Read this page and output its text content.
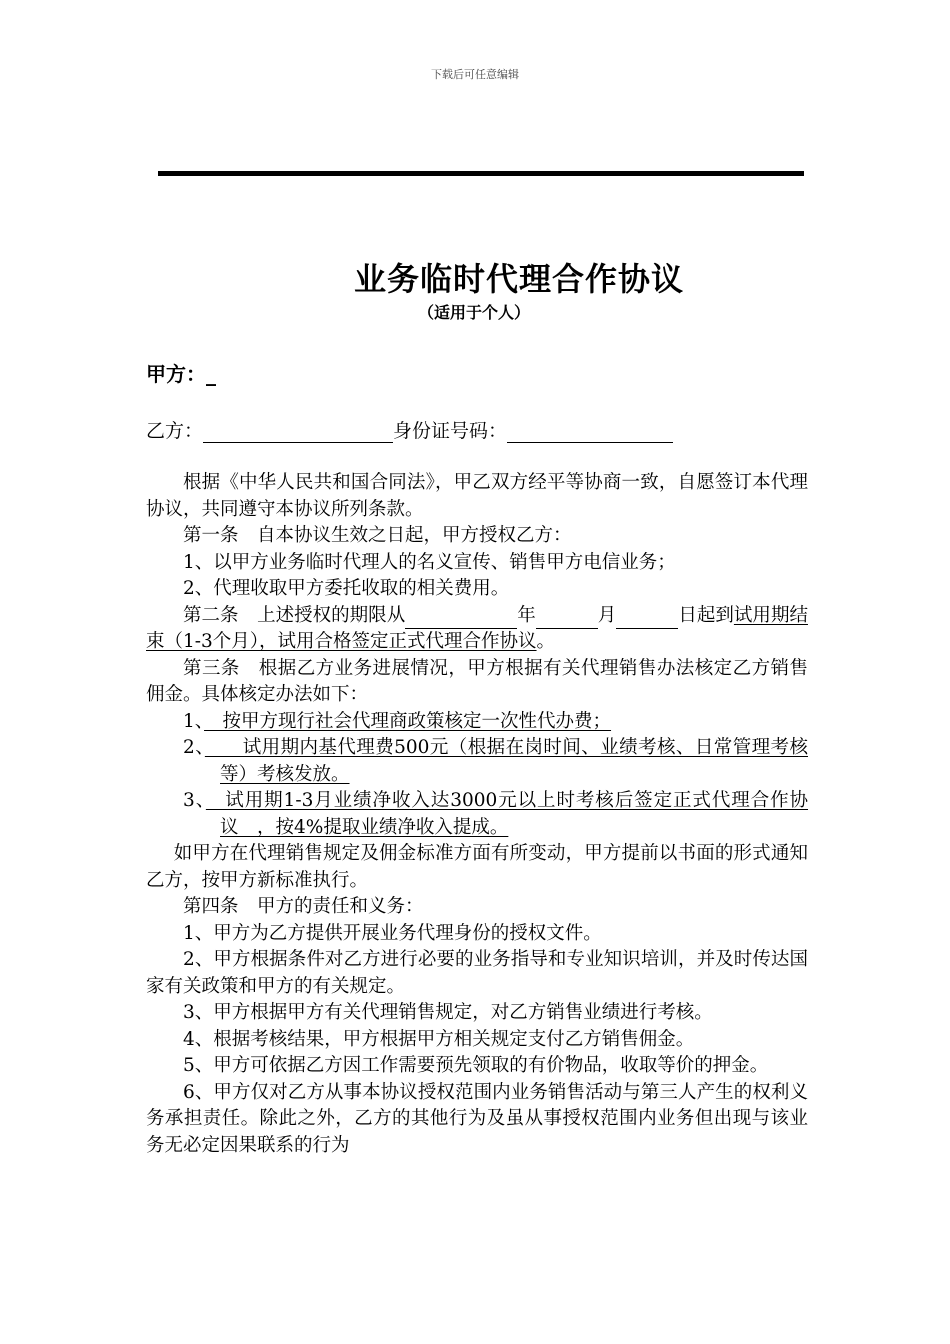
下载后可任意编辑
业务临时代理合作协议
（适用于个人）
甲方：_
乙方：	身份证号码：

根据《中华人民共和国合同法》，甲乙双方经平等协商一致，自愿签订本代理协议，共同遵守本协议所列条款。

第一条　自本协议生效之日起，甲方授权乙方：

1、以甲方业务临时代理人的名义宣传、销售甲方电信业务；

2、代理收取甲方委托收取的相关费用。

第二条　上述授权的期限从	年	月	日起到试用期结束（1-3个月），试用合格签定正式代理合作协议。

第三条　根据乙方业务进展情况，甲方根据有关代理销售办法核定乙方销售佣金。具体核定办法如下：

1、　按甲方现行社会代理商政策核定一次性代办费；

2、　　试用期内基代理费500元（根据在岗时间、业绩考核、日常管理考核等）考核发放。

3、　试用期1-3月业绩净收入达3000元以上时考核后签定正式代理合作协议　，按4%提取业绩净收入提成。

如甲方在代理销售规定及佣金标准方面有所变动，甲方提前以书面的形式通知乙方，按甲方新标准执行。

第四条　甲方的责任和义务：

1、甲方为乙方提供开展业务代理身份的授权文件。

2、甲方根据条件对乙方进行必要的业务指导和专业知识培训，并及时传达国家有关政策和甲方的有关规定。

3、甲方根据甲方有关代理销售规定，对乙方销售业绩进行考核。

4、根据考核结果，甲方根据甲方相关规定支付乙方销售佣金。

5、甲方可依据乙方因工作需要预先领取的有价物品，收取等价的押金。

6、甲方仅对乙方从事本协议授权范围内业务销售活动与第三人产生的权利义务承担责任。除此之外，乙方的其他行为及虽从事授权范围内业务但出现与该业务无必定因果联系的行为
